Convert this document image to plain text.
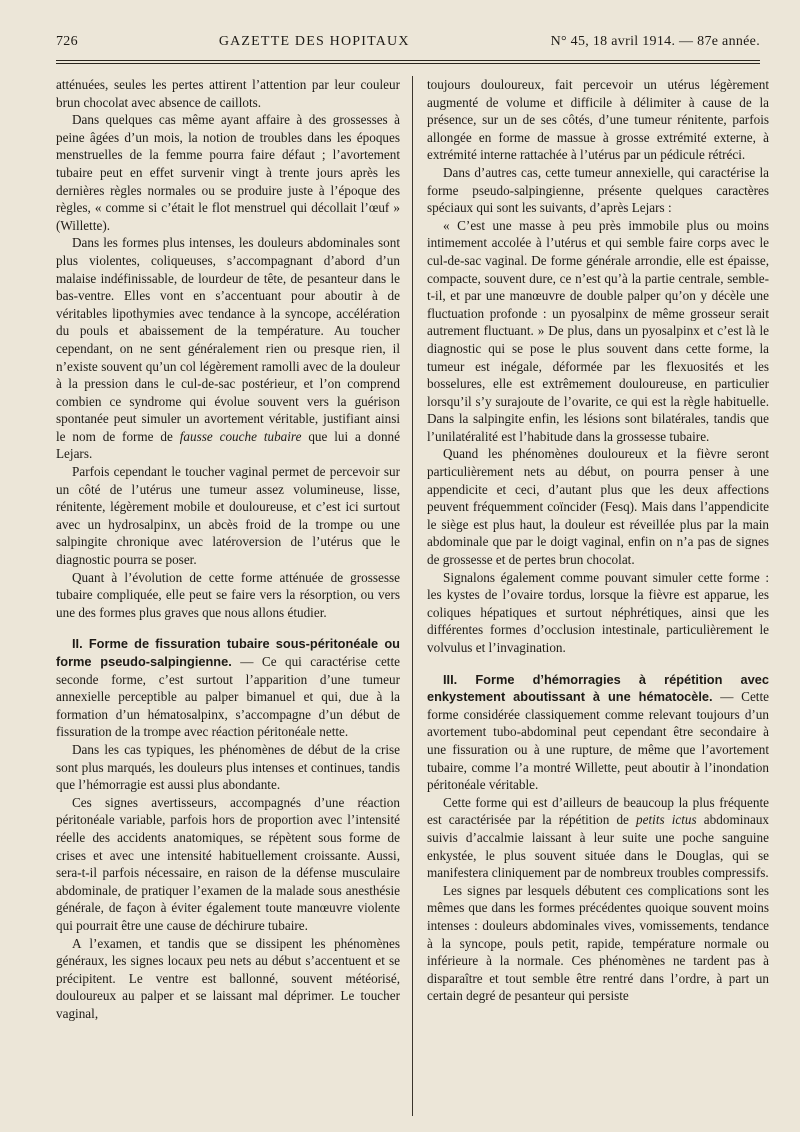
726	GAZETTE DES HOPITAUX	N° 45, 18 avril 1914. — 87e année.

atténuées, seules les pertes attirent l’attention par leur couleur brun chocolat avec absence de caillots.

Dans quelques cas même ayant affaire à des grossesses à peine âgées d’un mois, la notion de troubles dans les époques menstruelles de la femme pourra faire défaut ; l’avortement tubaire peut en effet survenir vingt à trente jours après les dernières règles normales ou se produire juste à l’époque des règles, « comme si c’était le flot menstruel qui décollait l’œuf » (Willette).

Dans les formes plus intenses, les douleurs abdominales sont plus violentes, coliqueuses, s’accompagnant d’abord d’un malaise indéfinissable, de lourdeur de tête, de pesanteur dans le bas-ventre. Elles vont en s’accentuant pour aboutir à de véritables lipothymies avec tendance à la syncope, accélération du pouls et abaissement de la température. Au toucher cependant, on ne sent généralement rien ou presque rien, il n’existe souvent qu’un col légèrement ramolli avec de la douleur à la pression dans le cul-de-sac postérieur, et l’on comprend combien ce syndrome qui évolue souvent vers la guérison spontanée peut simuler un avortement véritable, justifiant ainsi le nom de forme de fausse couche tubaire que lui a donné Lejars.

Parfois cependant le toucher vaginal permet de percevoir sur un côté de l’utérus une tumeur assez volumineuse, lisse, rénitente, légèrement mobile et douloureuse, et c’est ici surtout avec un hydrosalpinx, un abcès froid de la trompe ou une salpingite chronique avec latéroversion de l’utérus que le diagnostic pourra se poser.

Quant à l’évolution de cette forme atténuée de grossesse tubaire compliquée, elle peut se faire vers la résorption, ou vers une des formes plus graves que nous allons étudier.

II. Forme de fissuration tubaire sous-péritonéale ou forme pseudo-salpingienne. — Ce qui caractérise cette seconde forme, c’est surtout l’apparition d’une tumeur annexielle perceptible au palper bimanuel et qui, due à la formation d’un hématosalpinx, s’accompagne d’un début de fissuration de la trompe avec réaction péritonéale nette.

Dans les cas typiques, les phénomènes de début de la crise sont plus marqués, les douleurs plus intenses et continues, tandis que l’hémorragie est aussi plus abondante.

Ces signes avertisseurs, accompagnés d’une réaction péritonéale variable, parfois hors de proportion avec l’intensité réelle des accidents anatomiques, se répètent sous forme de crises et avec une intensité habituellement croissante. Aussi, sera-t-il parfois nécessaire, en raison de la défense musculaire abdominale, de pratiquer l’examen de la malade sous anesthésie générale, de façon à éviter également toute manœuvre violente qui pourrait être une cause de déchirure tubaire.

A l’examen, et tandis que se dissipent les phénomènes généraux, les signes locaux peu nets au début s’accentuent et se précipitent. Le ventre est ballonné, souvent météorisé, douloureux au palper et se laissant mal déprimer. Le toucher vaginal,

toujours douloureux, fait percevoir un utérus légèrement augmenté de volume et difficile à délimiter à cause de la présence, sur un de ses côtés, d’une tumeur rénitente, parfois allongée en forme de massue à grosse extrémité externe, à extrémité interne rattachée à l’utérus par un pédicule rétréci.

Dans d’autres cas, cette tumeur annexielle, qui caractérise la forme pseudo-salpingienne, présente quelques caractères spéciaux qui sont les suivants, d’après Lejars :

« C’est une masse à peu près immobile plus ou moins intimement accolée à l’utérus et qui semble faire corps avec le cul-de-sac vaginal. De forme générale arrondie, elle est épaisse, compacte, souvent dure, ce n’est qu’à la partie centrale, semble-t-il, et par une manœuvre de double palper qu’on y décèle une fluctuation profonde : un pyosalpinx de même grosseur serait autrement fluctuant. » De plus, dans un pyosalpinx et c’est là le diagnostic qui se pose le plus souvent dans cette forme, la tumeur est inégale, déformée par les flexuosités et les bosselures, elle est extrêmement douloureuse, en particulier lorsqu’il s’y surajoute de l’ovarite, ce qui est la règle habituelle. Dans la salpingite enfin, les lésions sont bilatérales, tandis que l’unilatéralité est l’habitude dans la grossesse tubaire.

Quand les phénomènes douloureux et la fièvre seront particulièrement nets au début, on pourra penser à une appendicite et ceci, d’autant plus que les deux affections peuvent fréquemment coïncider (Fesq). Mais dans l’appendicite le siège est plus haut, la douleur est réveillée plus par la main abdominale que par le doigt vaginal, enfin on n’a pas de signes de grossesse et de pertes brun chocolat.

Signalons également comme pouvant simuler cette forme : les kystes de l’ovaire tordus, lorsque la fièvre est apparue, les coliques hépatiques et surtout néphrétiques, ainsi que les différentes formes d’occlusion intestinale, particulièrement le volvulus et l’invagination.

III. Forme d’hémorragies à répétition avec enkystement aboutissant à une hématocèle. — Cette forme considérée classiquement comme relevant toujours d’un avortement tubo-abdominal peut cependant être secondaire à une fissuration ou à une rupture, de même que l’avortement tubaire, comme l’a montré Willette, peut aboutir à l’inondation péritonéale véritable.

Cette forme qui est d’ailleurs de beaucoup la plus fréquente est caractérisée par la répétition de petits ictus abdominaux suivis d’accalmie laissant à leur suite une poche sanguine enkystée, le plus souvent située dans le Douglas, qui se manifestera cliniquement par de nombreux troubles compressifs.

Les signes par lesquels débutent ces complications sont les mêmes que dans les formes précédentes quoique souvent moins intenses : douleurs abdominales vives, vomissements, tendance à la syncope, pouls petit, rapide, température normale ou inférieure à la normale. Ces phénomènes ne tardent pas à disparaître et tout semble être rentré dans l’ordre, à part un certain degré de pesanteur qui persiste
